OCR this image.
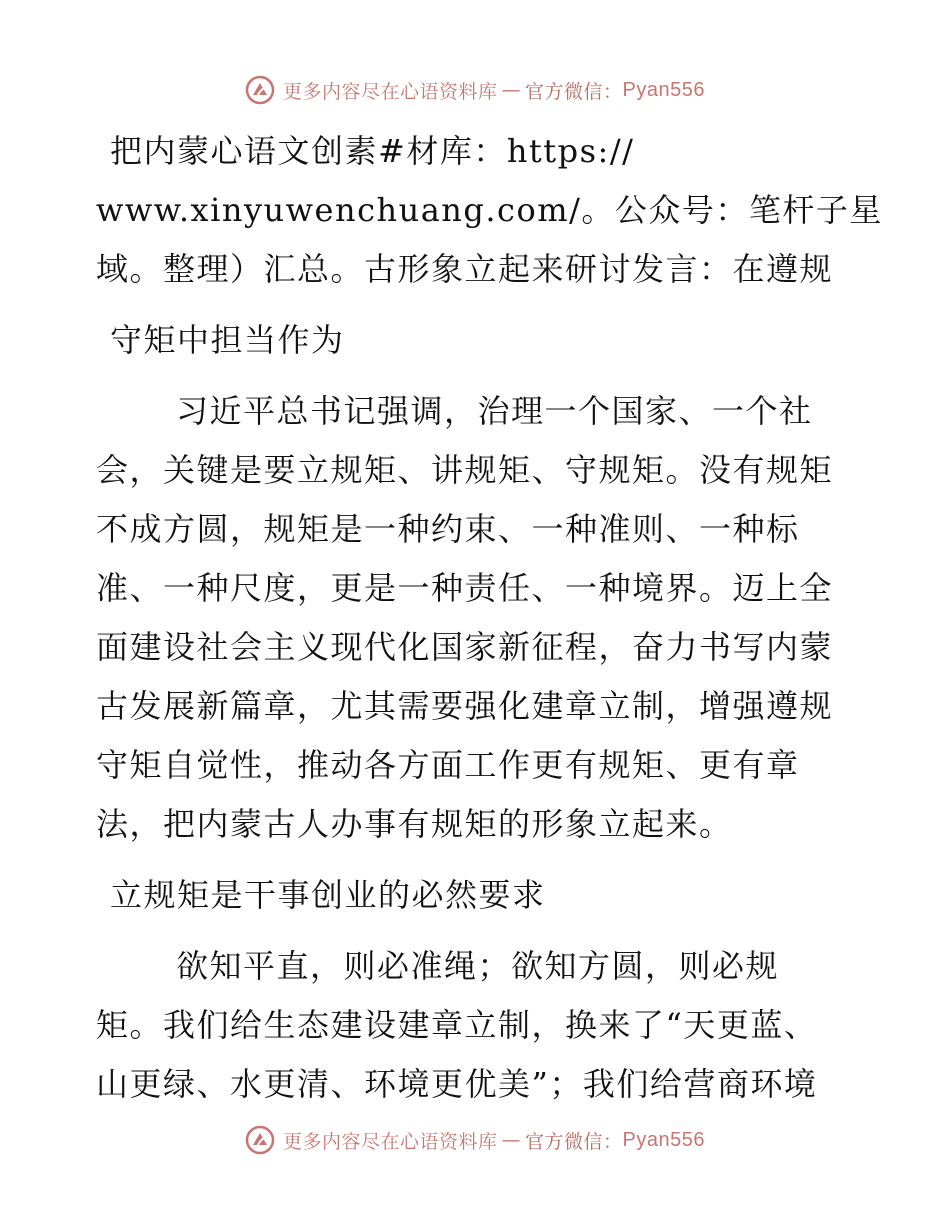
更多内容尽在心语资料库 — 官方微信： Pyan556
把内蒙心语文创素#材库：https://
www.xinyuwenchuang.com/。公众号：笔杆子星
域。整理）汇总。古形象立起来研讨发言：在遵规
守矩中担当作为
习近平总书记强调，治理一个国家、一个社
会，关键是要立规矩、讲规矩、守规矩。没有规矩
不成方圆，规矩是一种约束、一种准则、一种标
准、一种尺度，更是一种责任、一种境界。迈上全
面建设社会主义现代化国家新征程，奋力书写内蒙
古发展新篇章，尤其需要强化建章立制，增强遵规
守矩自觉性，推动各方面工作更有规矩、更有章
法，把内蒙古人办事有规矩的形象立起来。
立规矩是干事创业的必然要求
欲知平直，则必准绳；欲知方圆，则必规
矩。我们给生态建设建章立制，换来了“天更蓝、
山更绿、水更清、环境更优美”；我们给营商环境
更多内容尽在心语资料库 — 官方微信： Pyan556
